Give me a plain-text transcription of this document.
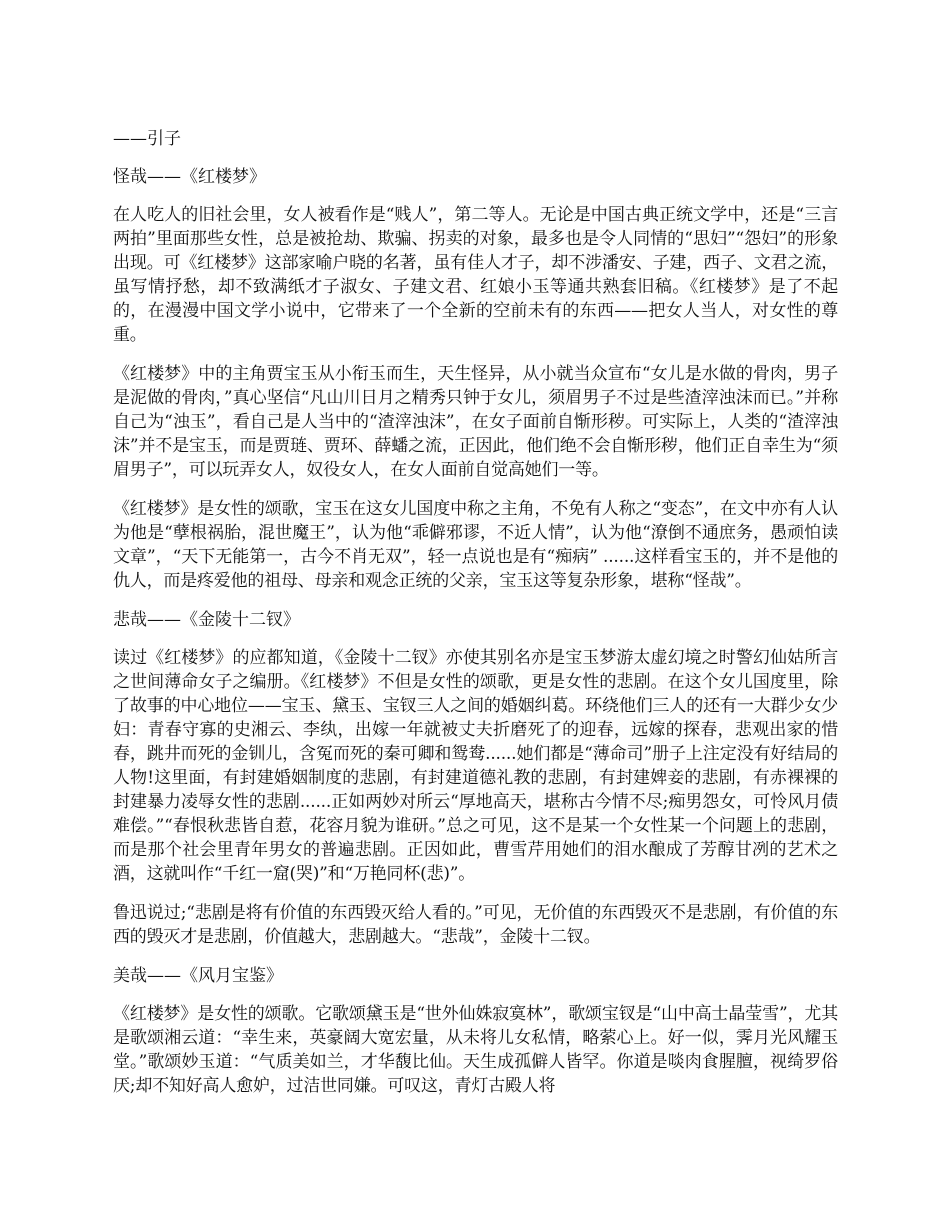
——引子
怪哉——《红楼梦》

在人吃人的旧社会里，女人被看作是“贱人”，第二等人。无论是中国古典正统文学中，还是“三言两拍”里面那些女性，总是被抢劫、欺骗、拐卖的对象，最多也是令人同情的“思妇”“怨妇”的形象出现。可《红楼梦》这部家喻户晓的名著，虽有佳人才子，却不涉潘安、子建，西子、文君之流，虽写情抒愁，却不致满纸才子淑女、子建文君、红娘小玉等通共熟套旧稿。《红楼梦》是了不起的，在漫漫中国文学小说中，它带来了一个全新的空前未有的东西——把女人当人，对女性的尊重。

《红楼梦》中的主角贾宝玉从小衔玉而生，天生怪异，从小就当众宣布“女儿是水做的骨肉，男子是泥做的骨肉，”真心坚信“凡山川日月之精秀只钟于女儿，须眉男子不过是些渣滓浊沫而已。”并称自己为“浊玉”，看自己是人当中的“渣滓浊沫”，在女子面前自惭形秽。可实际上，人类的“渣滓浊沫”并不是宝玉，而是贾琏、贾环、薛蟠之流，正因此，他们绝不会自惭形秽，他们正自幸生为“须眉男子”，可以玩弄女人，奴役女人，在女人面前自觉高她们一等。

《红楼梦》是女性的颂歌，宝玉在这女儿国度中称之主角，不免有人称之“变态”，在文中亦有人认为他是“孽根祸胎，混世魔王”，认为他“乖僻邪谬，不近人情”，认为他“潦倒不通庶务，愚顽怕读文章”，“天下无能第一，古今不肖无双”，轻一点说也是有“痴病” ......这样看宝玉的，并不是他的仇人，而是疼爱他的祖母、母亲和观念正统的父亲，宝玉这等复杂形象，堪称“怪哉”。

悲哉——《金陵十二钗》

读过《红楼梦》的应都知道，《金陵十二钗》亦使其别名亦是宝玉梦游太虚幻境之时警幻仙姑所言之世间薄命女子之编册。《红楼梦》不但是女性的颂歌，更是女性的悲剧。在这个女儿国度里，除了故事的中心地位——宝玉、黛玉、宝钗三人之间的婚姻纠葛。环绕他们三人的还有一大群少女少妇：青春守寡的史湘云、李纨，出嫁一年就被丈夫折磨死了的迎春，远嫁的探春，悲观出家的惜春，跳井而死的金钏儿，含冤而死的秦可卿和鸳鸯......她们都是“薄命司”册子上注定没有好结局的人物!这里面，有封建婚姻制度的悲剧，有封建道德礼教的悲剧，有封建婢妾的悲剧，有赤裸裸的封建暴力凌辱女性的悲剧......正如两妙对所云“厚地高天，堪称古今情不尽;痴男怨女，可怜风月债难偿。”“春恨秋悲皆自惹，花容月貌为谁研。”总之可见，这不是某一个女性某一个问题上的悲剧，而是那个社会里青年男女的普遍悲剧。正因如此，曹雪芹用她们的泪水酿成了芳醇甘冽的艺术之酒，这就叫作“千红一窟(哭)”和“万艳同杯(悲)”。

鲁迅说过;“悲剧是将有价值的东西毁灭给人看的。”可见，无价值的东西毁灭不是悲剧，有价值的东西的毁灭才是悲剧，价值越大，悲剧越大。“悲哉”，金陵十二钗。

美哉——《风月宝鉴》

《红楼梦》是女性的颂歌。它歌颂黛玉是“世外仙姝寂寞林”，歌颂宝钗是“山中高士晶莹雪”，尤其是歌颂湘云道：“幸生来，英豪阔大宽宏量，从未将儿女私情，略萦心上。好一似，霁月光风耀玉堂。”歌颂妙玉道：“气质美如兰，才华馥比仙。天生成孤僻人皆罕。你道是啖肉食腥膻，视绮罗俗厌;却不知好高人愈妒，过洁世同嫌。可叹这，青灯古殿人将
